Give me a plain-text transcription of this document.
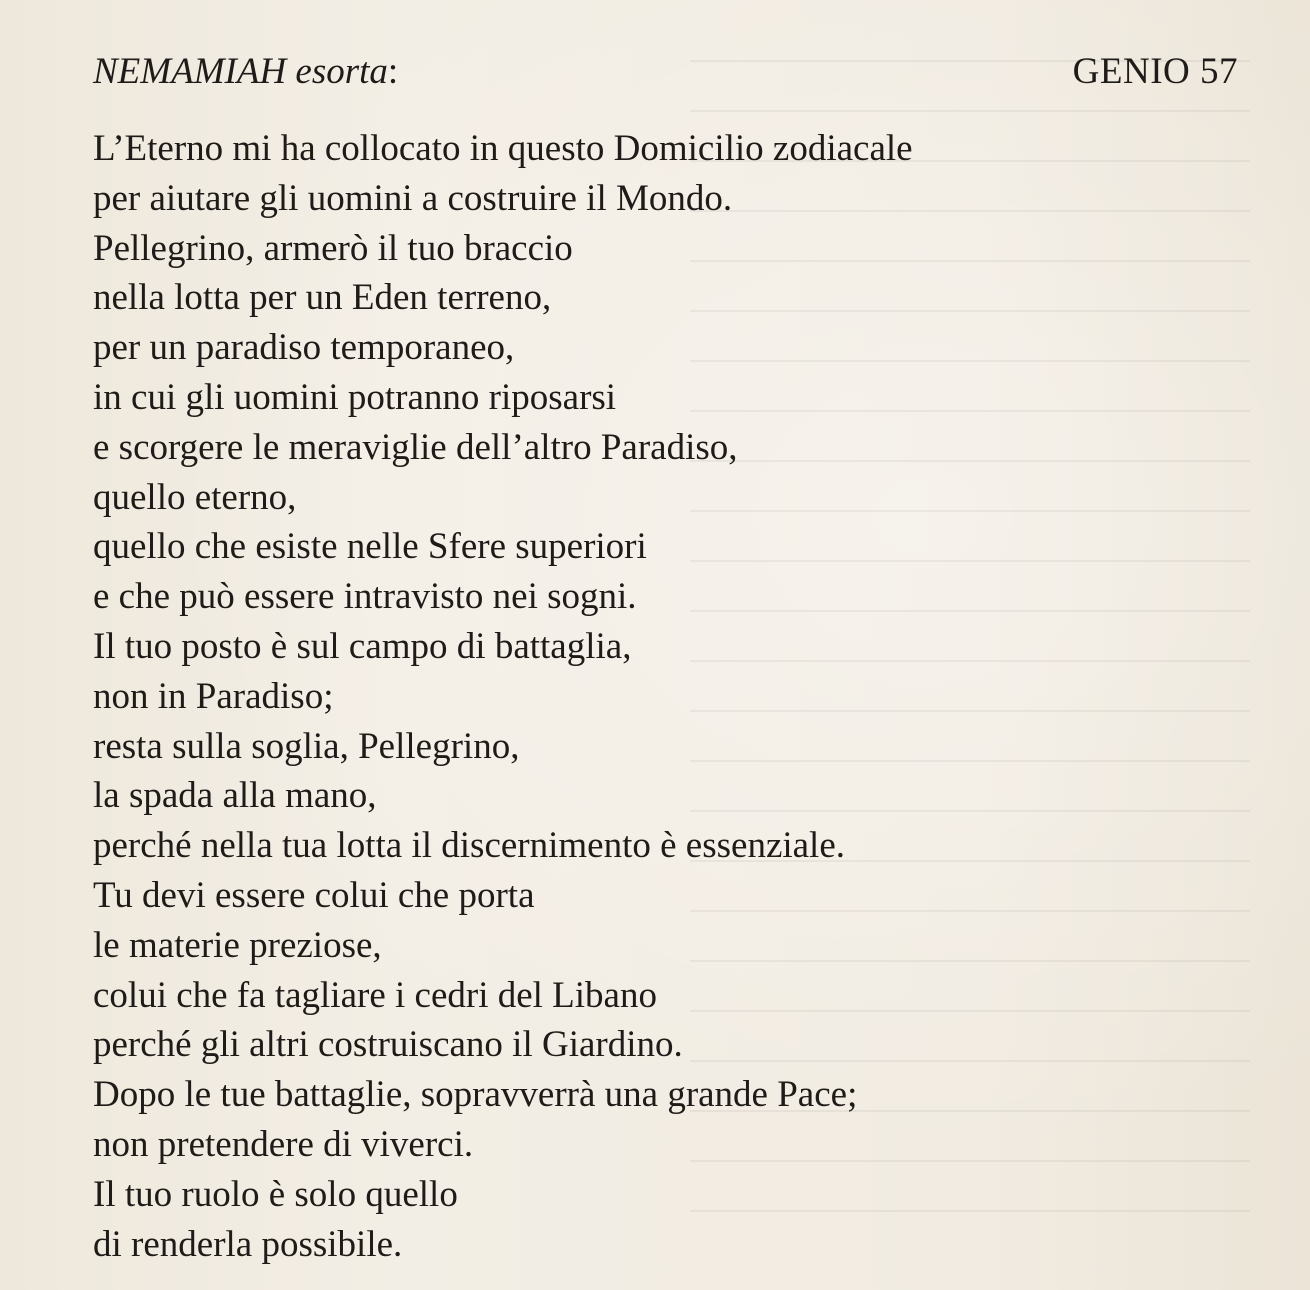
NEMAMIAH esorta:	GENIO 57
L’Eterno mi ha collocato in questo Domicilio zodiacale
per aiutare gli uomini a costruire il Mondo.
Pellegrino, armerò il tuo braccio
nella lotta per un Eden terreno,
per un paradiso temporaneo,
in cui gli uomini potranno riposarsi
e scorgere le meraviglie dell’altro Paradiso,
quello eterno,
quello che esiste nelle Sfere superiori
e che può essere intravisto nei sogni.
Il tuo posto è sul campo di battaglia,
non in Paradiso;
resta sulla soglia, Pellegrino,
la spada alla mano,
perché nella tua lotta il discernimento è essenziale.
Tu devi essere colui che porta
le materie preziose,
colui che fa tagliare i cedri del Libano
perché gli altri costruiscano il Giardino.
Dopo le tue battaglie, sopravverrà una grande Pace;
non pretendere di viverci.
Il tuo ruolo è solo quello
di renderla possibile.
